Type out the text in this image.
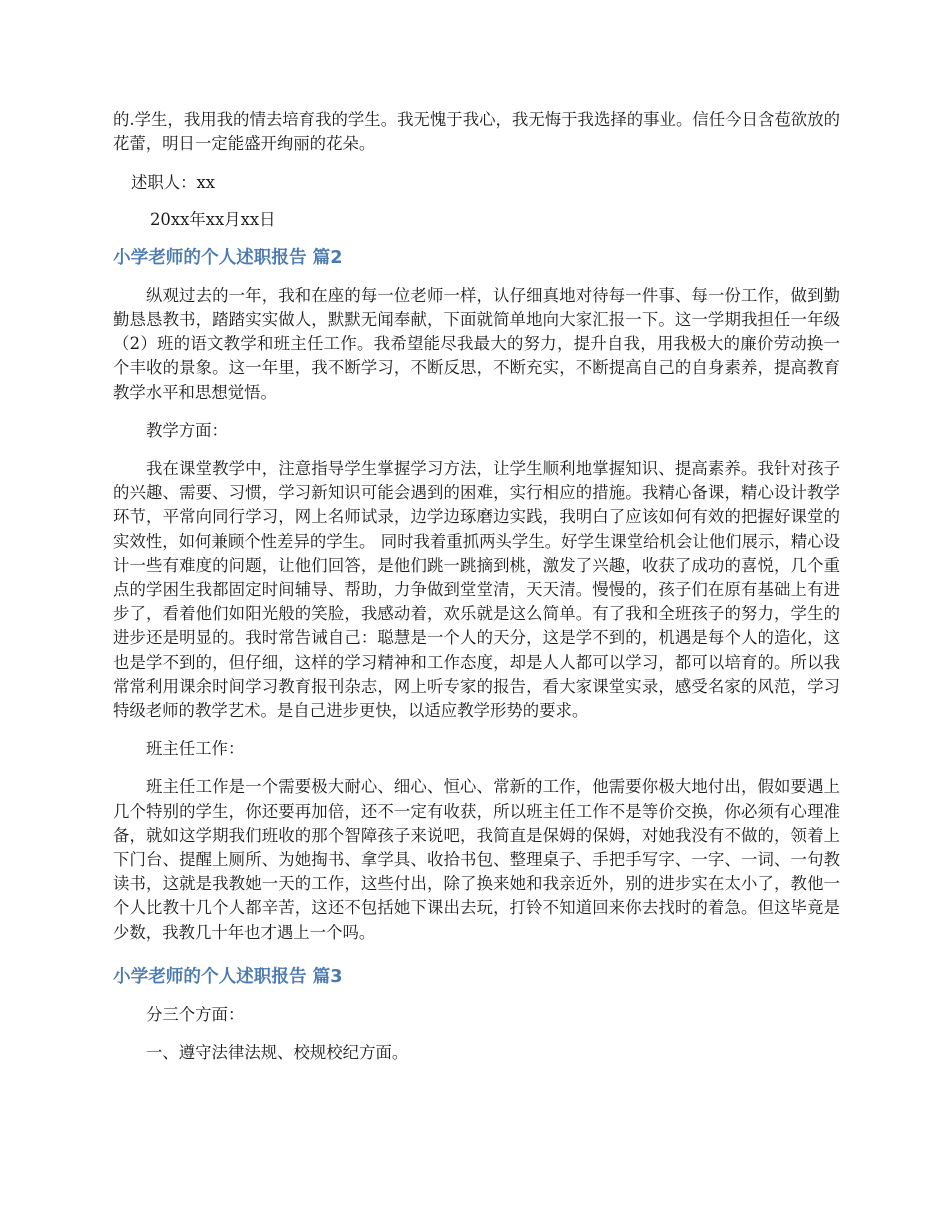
的.学生，我用我的情去培育我的学生。我无愧于我心，我无悔于我选择的事业。信任今日含苞欲放的花蕾，明日一定能盛开绚丽的花朵。

述职人：xx

20xx年xx月xx日

小学老师的个人述职报告 篇2

纵观过去的一年，我和在座的每一位老师一样，认仔细真地对待每一件事、每一份工作，做到勤勤恳恳教书，踏踏实实做人，默默无闻奉献，下面就简单地向大家汇报一下。这一学期我担任一年级（2）班的语文教学和班主任工作。我希望能尽我最大的努力，提升自我，用我极大的廉价劳动换一个丰收的景象。这一年里，我不断学习，不断反思，不断充实，不断提高自己的自身素养，提高教育教学水平和思想觉悟。

教学方面：

我在课堂教学中，注意指导学生掌握学习方法，让学生顺利地掌握知识、提高素养。我针对孩子的兴趣、需要、习惯，学习新知识可能会遇到的困难，实行相应的措施。我精心备课，精心设计教学环节，平常向同行学习，网上名师试录，边学边琢磨边实践，我明白了应该如何有效的把握好课堂的实效性，如何兼顾个性差异的学生。 同时我着重抓两头学生。好学生课堂给机会让他们展示，精心设计一些有难度的问题，让他们回答，是他们跳一跳摘到桃，激发了兴趣，收获了成功的喜悦，几个重点的学困生我都固定时间辅导、帮助，力争做到堂堂清，天天清。慢慢的，孩子们在原有基础上有进步了，看着他们如阳光般的笑脸，我感动着，欢乐就是这么简单。有了我和全班孩子的努力，学生的进步还是明显的。我时常告诫自己：聪慧是一个人的天分，这是学不到的，机遇是每个人的造化，这也是学不到的，但仔细，这样的学习精神和工作态度，却是人人都可以学习，都可以培育的。所以我常常利用课余时间学习教育报刊杂志，网上听专家的报告，看大家课堂实录，感受名家的风范，学习特级老师的教学艺术。是自己进步更快，以适应教学形势的要求。

班主任工作：

班主任工作是一个需要极大耐心、细心、恒心、常新的工作，他需要你极大地付出，假如要遇上几个特别的学生，你还要再加倍，还不一定有收获，所以班主任工作不是等价交换，你必须有心理准备，就如这学期我们班收的那个智障孩子来说吧，我简直是保姆的保姆，对她我没有不做的，领着上下门台、提醒上厕所、为她掏书、拿学具、收拾书包、整理桌子、手把手写字、一字、一词、一句教读书，这就是我教她一天的工作，这些付出，除了换来她和我亲近外，别的进步实在太小了，教他一个人比教十几个人都辛苦，这还不包括她下课出去玩，打铃不知道回来你去找时的着急。但这毕竟是少数，我教几十年也才遇上一个吗。

小学老师的个人述职报告 篇3

分三个方面：

一、遵守法律法规、校规校纪方面。
